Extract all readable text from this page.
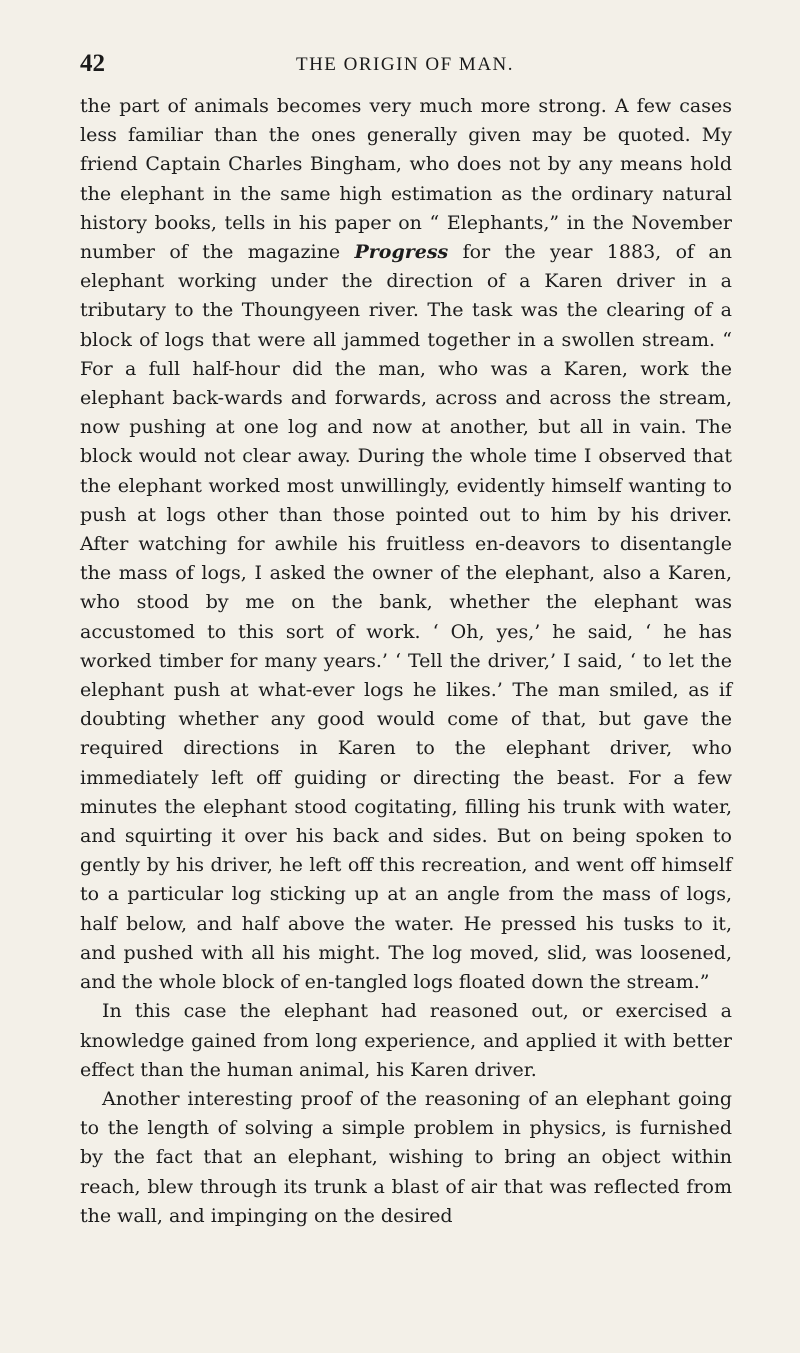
42	THE ORIGIN OF MAN.

the part of animals becomes very much more strong. A few cases less familiar than the ones generally given may be quoted. My friend Captain Charles Bingham, who does not by any means hold the elephant in the same high estimation as the ordinary natural history books, tells in his paper on “ Elephants,” in the November number of the magazine Progress for the year 1883, of an elephant working under the direction of a Karen driver in a tributary to the Thoungyeen river. The task was the clearing of a block of logs that were all jammed together in a swollen stream. “ For a full half-hour did the man, who was a Karen, work the elephant back-wards and forwards, across and across the stream, now pushing at one log and now at another, but all in vain. The block would not clear away. During the whole time I observed that the elephant worked most unwillingly, evidently himself wanting to push at logs other than those pointed out to him by his driver. After watching for awhile his fruitless en-deavors to disentangle the mass of logs, I asked the owner of the elephant, also a Karen, who stood by me on the bank, whether the elephant was accustomed to this sort of work. ‘ Oh, yes,’ he said, ‘ he has worked timber for many years.’ ‘ Tell the driver,’ I said, ‘ to let the elephant push at what-ever logs he likes.’ The man smiled, as if doubting whether any good would come of that, but gave the required directions in Karen to the elephant driver, who immediately left off guiding or directing the beast. For a few minutes the elephant stood cogitating, filling his trunk with water, and squirting it over his back and sides. But on being spoken to gently by his driver, he left off this recreation, and went off himself to a particular log sticking up at an angle from the mass of logs, half below, and half above the water. He pressed his tusks to it, and pushed with all his might. The log moved, slid, was loosened, and the whole block of en-tangled logs floated down the stream.”

In this case the elephant had reasoned out, or exercised a knowledge gained from long experience, and applied it with better effect than the human animal, his Karen driver.

Another interesting proof of the reasoning of an elephant going to the length of solving a simple problem in physics, is furnished by the fact that an elephant, wishing to bring an object within reach, blew through its trunk a blast of air that was reflected from the wall, and impinging on the desired
